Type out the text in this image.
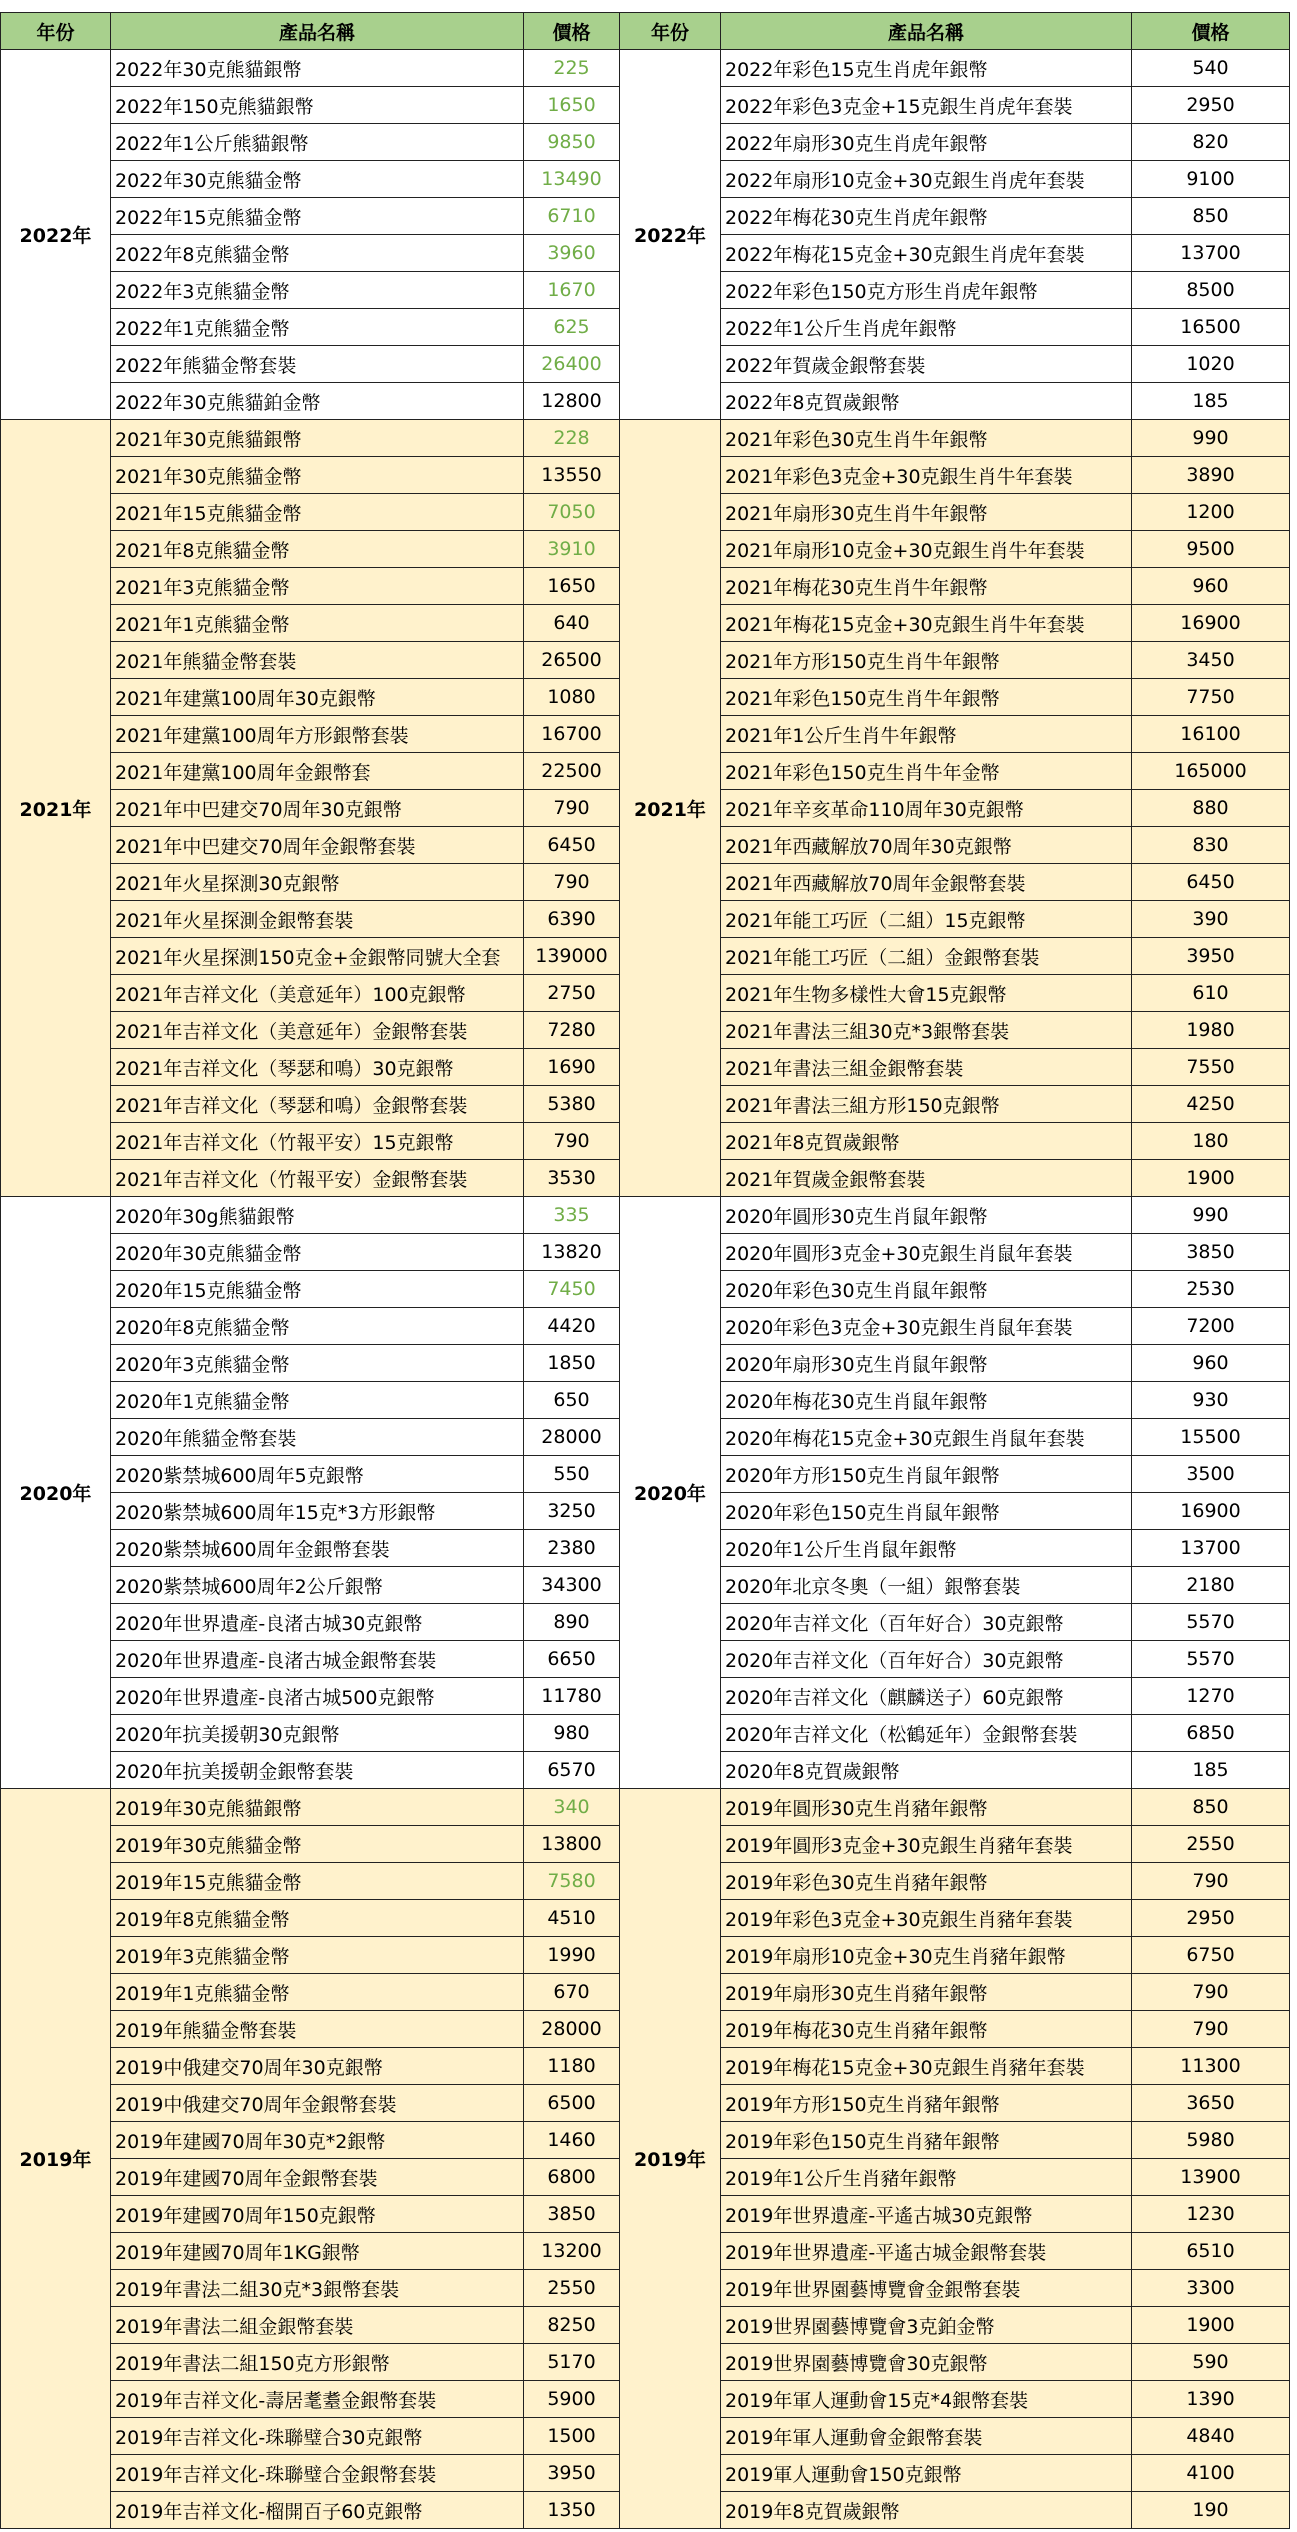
年份	產品名稱	價格	年份	產品名稱	價格
2022年	2022年30克熊貓銀幣	225	2022年	2022年彩色15克生肖虎年銀幣	540
	2022年150克熊貓銀幣	1650		2022年彩色3克金+15克銀生肖虎年套裝	2950
	2022年1公斤熊貓銀幣	9850		2022年扇形30克生肖虎年銀幣	820
	2022年30克熊貓金幣	13490		2022年扇形10克金+30克銀生肖虎年套裝	9100
	2022年15克熊貓金幣	6710		2022年梅花30克生肖虎年銀幣	850
	2022年8克熊貓金幣	3960		2022年梅花15克金+30克銀生肖虎年套裝	13700
	2022年3克熊貓金幣	1670		2022年彩色150克方形生肖虎年銀幣	8500
	2022年1克熊貓金幣	625		2022年1公斤生肖虎年銀幣	16500
	2022年熊貓金幣套裝	26400		2022年賀歲金銀幣套裝	1020
	2022年30克熊貓鉑金幣	12800		2022年8克賀歲銀幣	185
2021年	2021年30克熊貓銀幣	228	2021年	2021年彩色30克生肖牛年銀幣	990
	2021年30克熊貓金幣	13550		2021年彩色3克金+30克銀生肖牛年套裝	3890
	2021年15克熊貓金幣	7050		2021年扇形30克生肖牛年銀幣	1200
	2021年8克熊貓金幣	3910		2021年扇形10克金+30克銀生肖牛年套裝	9500
	2021年3克熊貓金幣	1650		2021年梅花30克生肖牛年銀幣	960
	2021年1克熊貓金幣	640		2021年梅花15克金+30克銀生肖牛年套裝	16900
	2021年熊貓金幣套裝	26500		2021年方形150克生肖牛年銀幣	3450
	2021年建黨100周年30克銀幣	1080		2021年彩色150克生肖牛年銀幣	7750
	2021年建黨100周年方形銀幣套裝	16700		2021年1公斤生肖牛年銀幣	16100
	2021年建黨100周年金銀幣套	22500		2021年彩色150克生肖牛年金幣	165000
	2021年中巴建交70周年30克銀幣	790		2021年辛亥革命110周年30克銀幣	880
	2021年中巴建交70周年金銀幣套裝	6450		2021年西藏解放70周年30克銀幣	830
	2021年火星探測30克銀幣	790		2021年西藏解放70周年金銀幣套裝	6450
	2021年火星探測金銀幣套裝	6390		2021年能工巧匠（二組）15克銀幣	390
	2021年火星探測150克金+金銀幣同號大全套	139000		2021年能工巧匠（二組）金銀幣套裝	3950
	2021年吉祥文化（美意延年）100克銀幣	2750		2021年生物多樣性大會15克銀幣	610
	2021年吉祥文化（美意延年）金銀幣套裝	7280		2021年書法三組30克*3銀幣套裝	1980
	2021年吉祥文化（琴瑟和鳴）30克銀幣	1690		2021年書法三組金銀幣套裝	7550
	2021年吉祥文化（琴瑟和鳴）金銀幣套裝	5380		2021年書法三組方形150克銀幣	4250
	2021年吉祥文化（竹報平安）15克銀幣	790		2021年8克賀歲銀幣	180
	2021年吉祥文化（竹報平安）金銀幣套裝	3530		2021年賀歲金銀幣套裝	1900
2020年	2020年30g熊貓銀幣	335	2020年	2020年圓形30克生肖鼠年銀幣	990
	2020年30克熊貓金幣	13820		2020年圓形3克金+30克銀生肖鼠年套裝	3850
	2020年15克熊貓金幣	7450		2020年彩色30克生肖鼠年銀幣	2530
	2020年8克熊貓金幣	4420		2020年彩色3克金+30克銀生肖鼠年套裝	7200
	2020年3克熊貓金幣	1850		2020年扇形30克生肖鼠年銀幣	960
	2020年1克熊貓金幣	650		2020年梅花30克生肖鼠年銀幣	930
	2020年熊貓金幣套裝	28000		2020年梅花15克金+30克銀生肖鼠年套裝	15500
	2020紫禁城600周年5克銀幣	550		2020年方形150克生肖鼠年銀幣	3500
	2020紫禁城600周年15克*3方形銀幣	3250		2020年彩色150克生肖鼠年銀幣	16900
	2020紫禁城600周年金銀幣套裝	2380		2020年1公斤生肖鼠年銀幣	13700
	2020紫禁城600周年2公斤銀幣	34300		2020年北京冬奧（一組）銀幣套裝	2180
	2020年世界遺產-良渚古城30克銀幣	890		2020年吉祥文化（百年好合）30克銀幣	5570
	2020年世界遺產-良渚古城金銀幣套裝	6650		2020年吉祥文化（百年好合）30克銀幣	5570
	2020年世界遺產-良渚古城500克銀幣	11780		2020年吉祥文化（麒麟送子）60克銀幣	1270
	2020年抗美援朝30克銀幣	980		2020年吉祥文化（松鶴延年）金銀幣套裝	6850
	2020年抗美援朝金銀幣套裝	6570		2020年8克賀歲銀幣	185
2019年	2019年30克熊貓銀幣	340	2019年	2019年圓形30克生肖豬年銀幣	850
	2019年30克熊貓金幣	13800		2019年圓形3克金+30克銀生肖豬年套裝	2550
	2019年15克熊貓金幣	7580		2019年彩色30克生肖豬年銀幣	790
	2019年8克熊貓金幣	4510		2019年彩色3克金+30克銀生肖豬年套裝	2950
	2019年3克熊貓金幣	1990		2019年扇形10克金+30克生肖豬年銀幣	6750
	2019年1克熊貓金幣	670		2019年扇形30克生肖豬年銀幣	790
	2019年熊貓金幣套裝	28000		2019年梅花30克生肖豬年銀幣	790
	2019中俄建交70周年30克銀幣	1180		2019年梅花15克金+30克銀生肖豬年套裝	11300
	2019中俄建交70周年金銀幣套裝	6500		2019年方形150克生肖豬年銀幣	3650
	2019年建國70周年30克*2銀幣	1460		2019年彩色150克生肖豬年銀幣	5980
	2019年建國70周年金銀幣套裝	6800		2019年1公斤生肖豬年銀幣	13900
	2019年建國70周年150克銀幣	3850		2019年世界遺產-平遙古城30克銀幣	1230
	2019年建國70周年1KG銀幣	13200		2019年世界遺產-平遙古城金銀幣套裝	6510
	2019年書法二組30克*3銀幣套裝	2550		2019年世界園藝博覽會金銀幣套裝	3300
	2019年書法二組金銀幣套裝	8250		2019世界園藝博覽會3克鉑金幣	1900
	2019年書法二組150克方形銀幣	5170		2019世界園藝博覽會30克銀幣	590
	2019年吉祥文化-壽居耄耋金銀幣套裝	5900		2019年軍人運動會15克*4銀幣套裝	1390
	2019年吉祥文化-珠聯璧合30克銀幣	1500		2019年軍人運動會金銀幣套裝	4840
	2019年吉祥文化-珠聯璧合金銀幣套裝	3950		2019軍人運動會150克銀幣	4100
	2019年吉祥文化-榴開百子60克銀幣	1350		2019年8克賀歲銀幣	190
